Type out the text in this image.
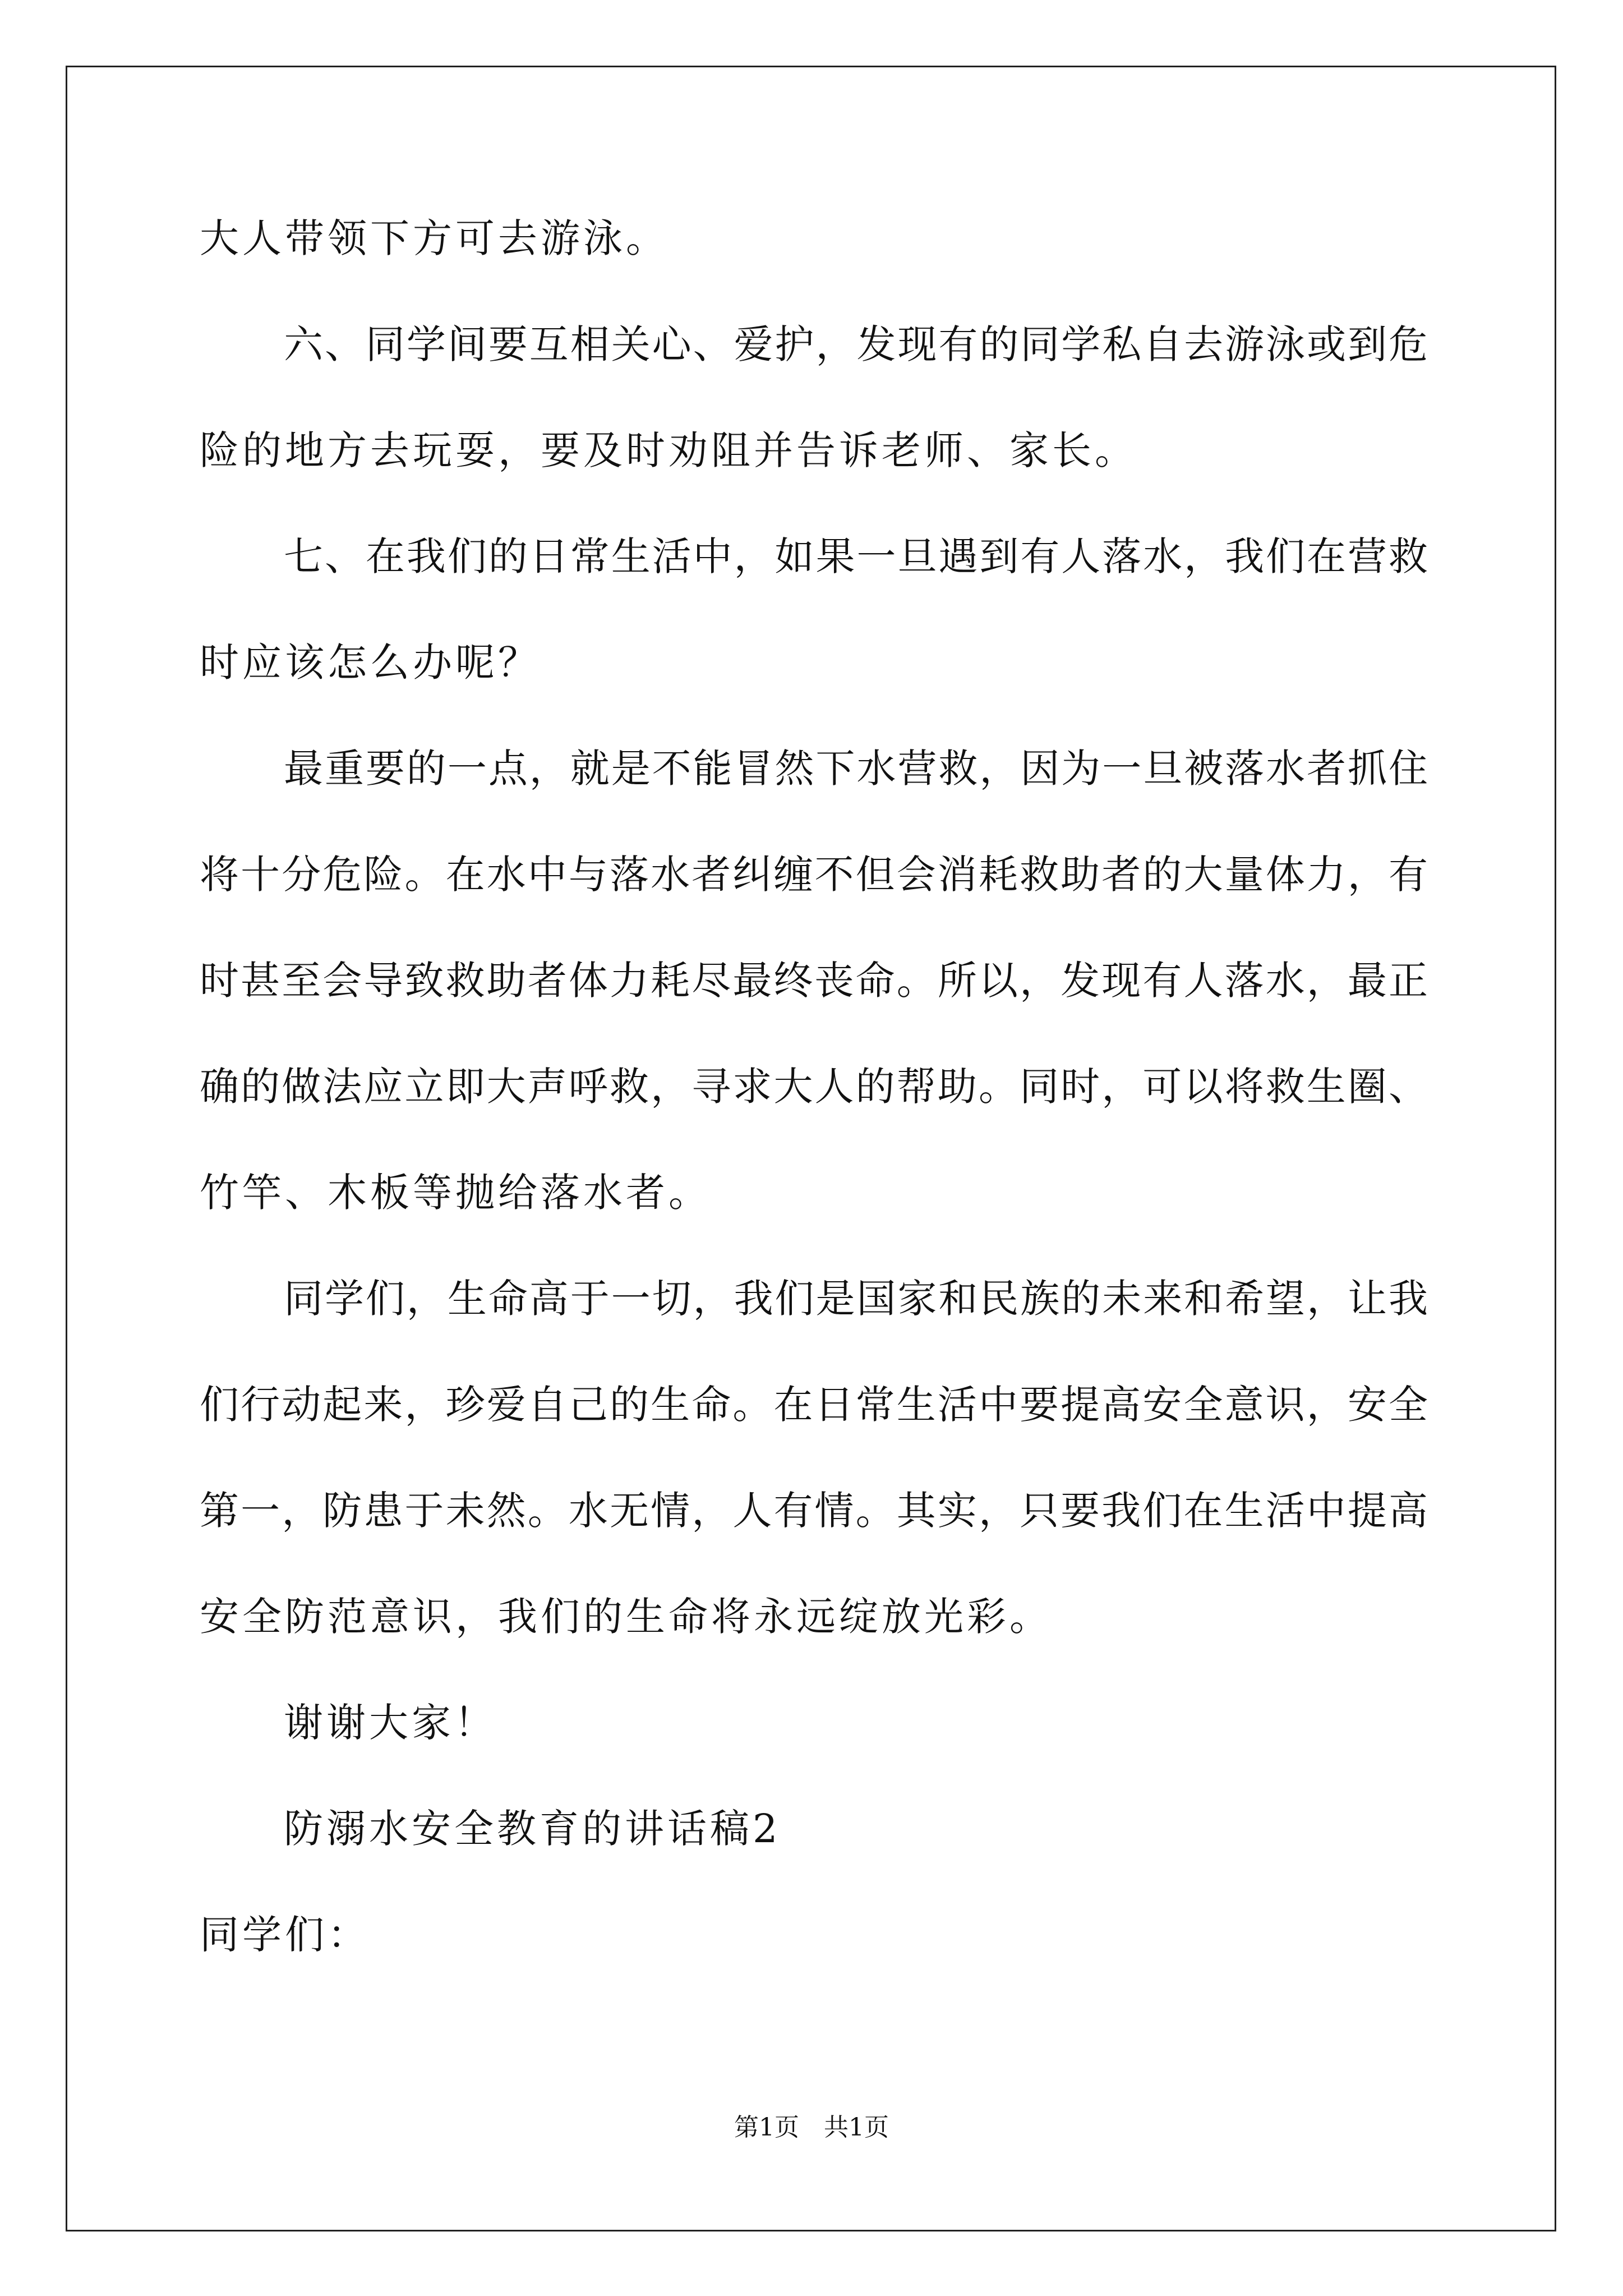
大人带领下方可去游泳。
六、同学间要互相关心、爱护，发现有的同学私自去游泳或到危
险的地方去玩耍，要及时劝阻并告诉老师、家长。
七、在我们的日常生活中，如果一旦遇到有人落水，我们在营救
时应该怎么办呢？
最重要的一点，就是不能冒然下水营救，因为一旦被落水者抓住
将十分危险。在水中与落水者纠缠不但会消耗救助者的大量体力，有
时甚至会导致救助者体力耗尽最终丧命。所以，发现有人落水，最正
确的做法应立即大声呼救，寻求大人的帮助。同时，可以将救生圈、
竹竿、木板等抛给落水者。
同学们，生命高于一切，我们是国家和民族的未来和希望，让我
们行动起来，珍爱自己的生命。在日常生活中要提高安全意识，安全
第一，防患于未然。水无情，人有情。其实，只要我们在生活中提高
安全防范意识，我们的生命将永远绽放光彩。
谢谢大家！
防溺水安全教育的讲话稿2
同学们：
第1页　共1页
